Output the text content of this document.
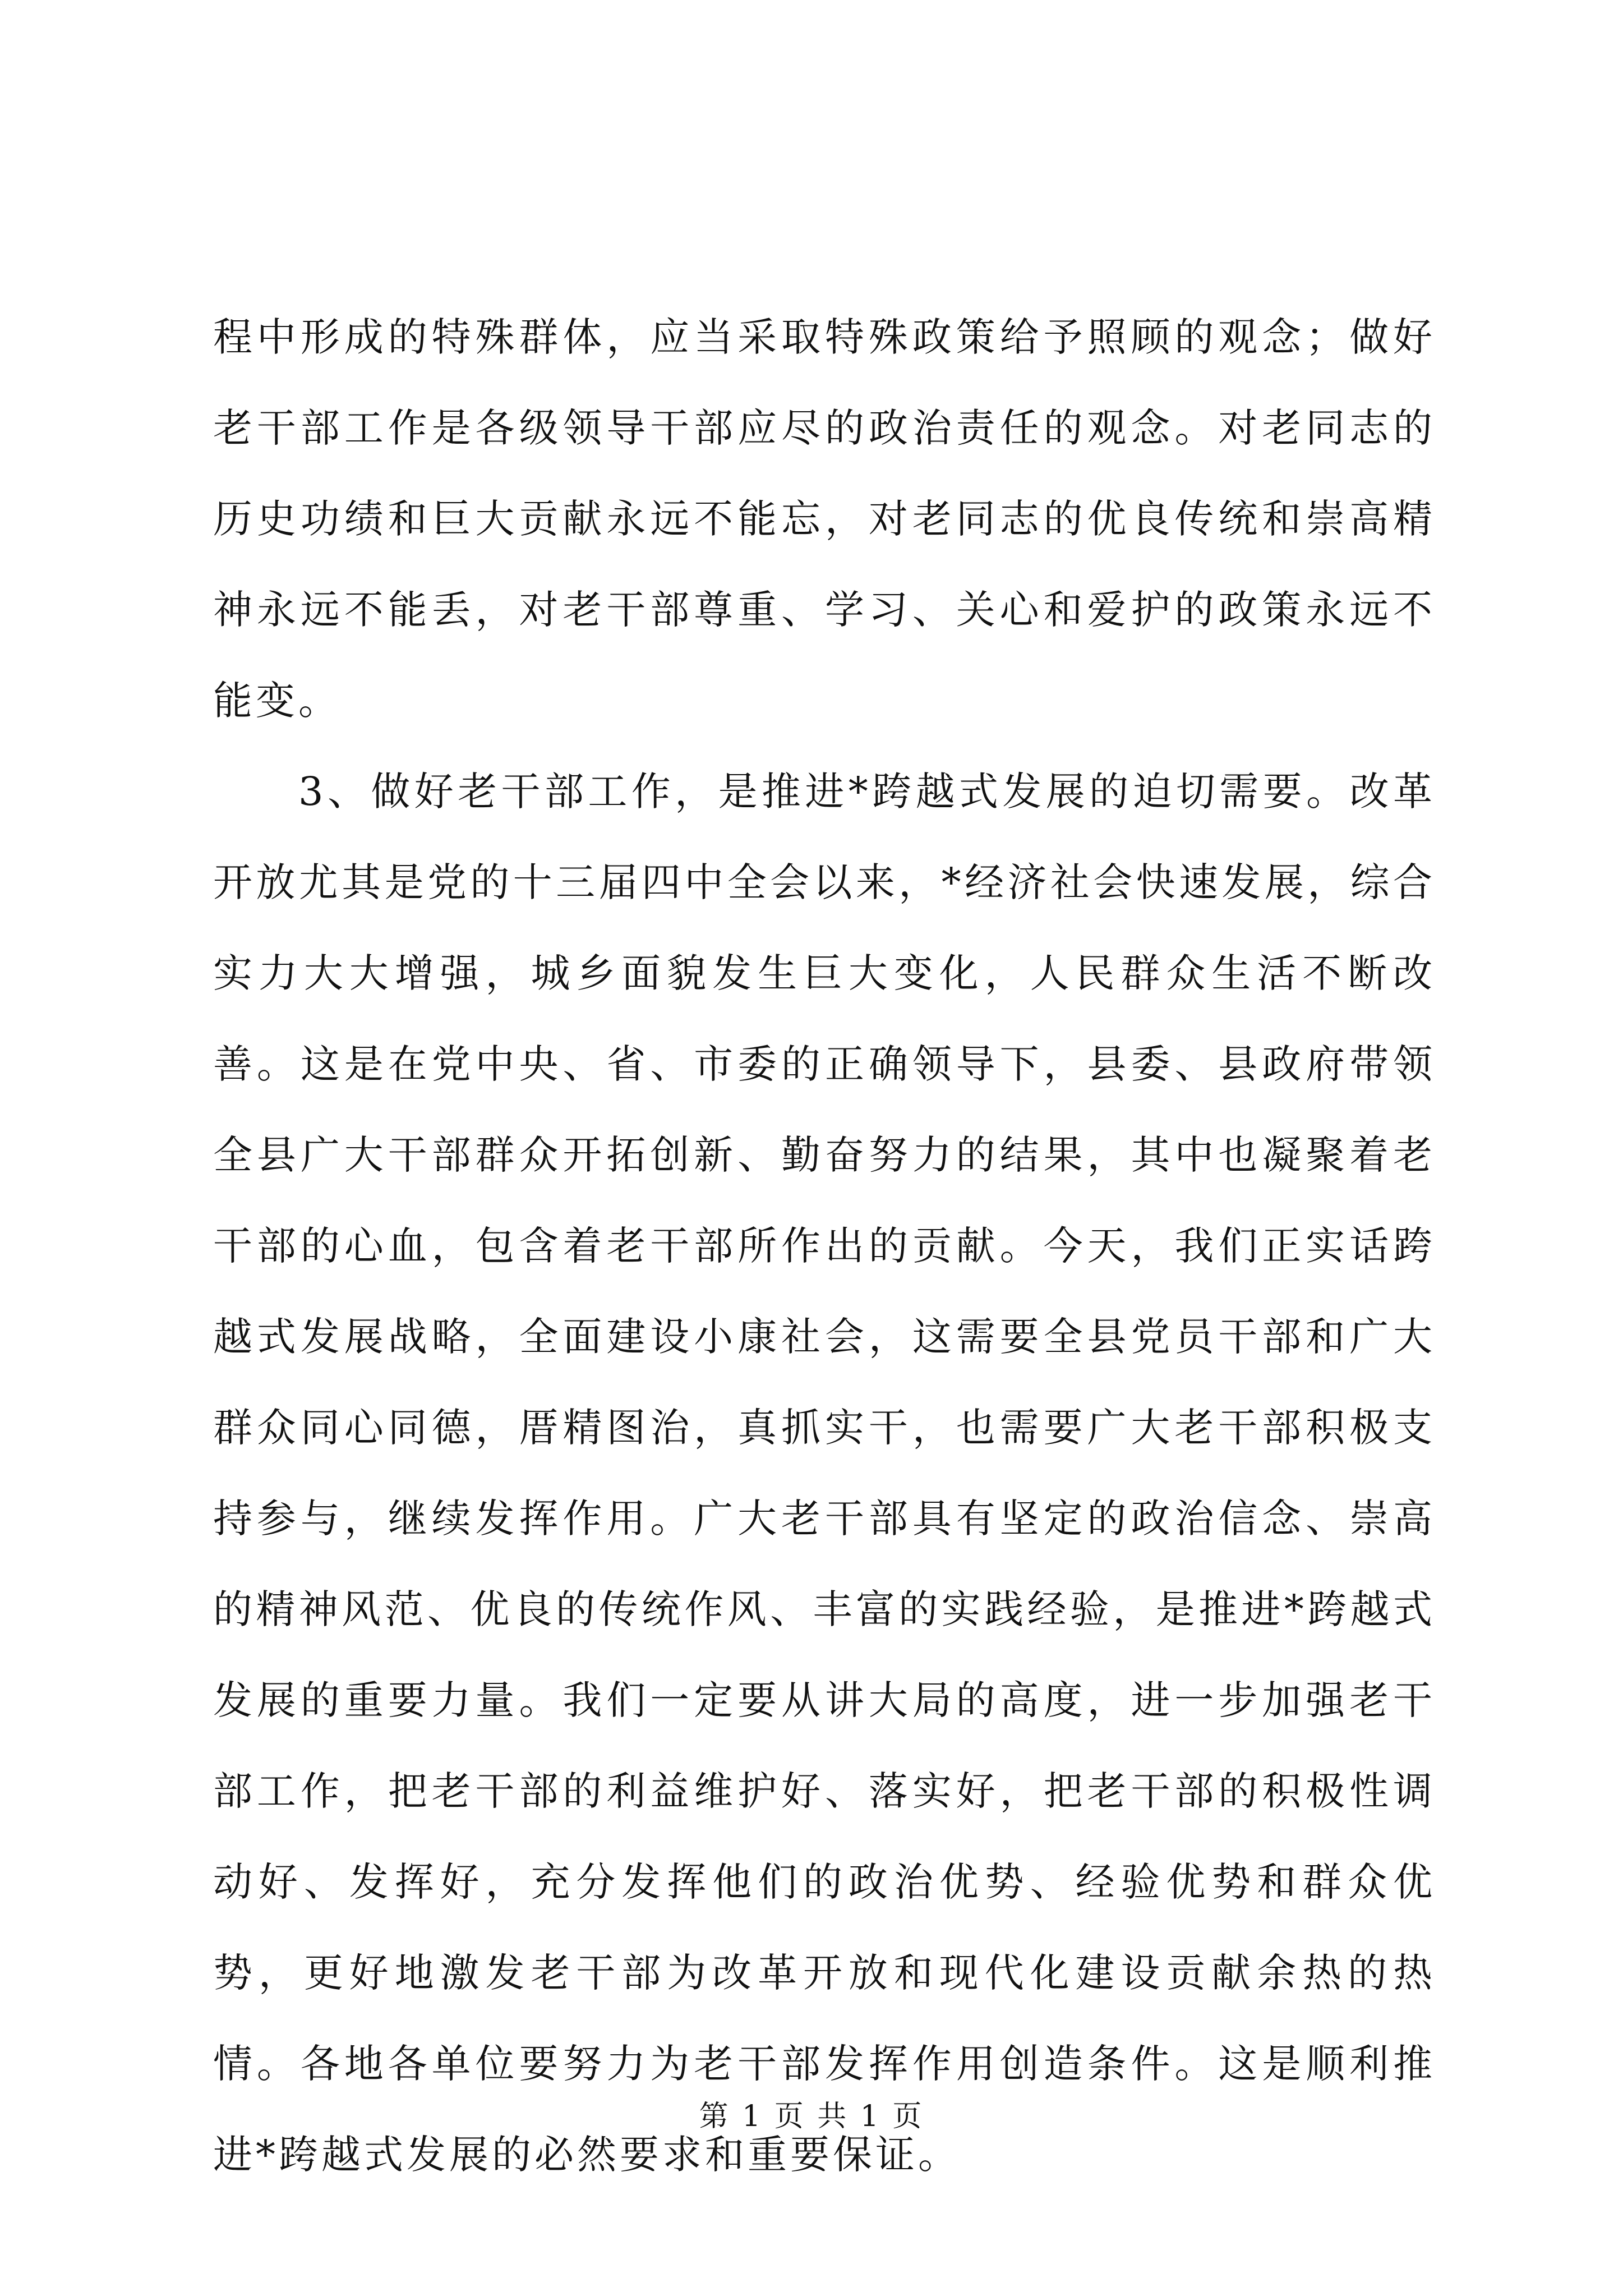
程中形成的特殊群体，应当采取特殊政策给予照顾的观念；做好老干部工作是各级领导干部应尽的政治责任的观念。对老同志的历史功绩和巨大贡献永远不能忘，对老同志的优良传统和崇高精神永远不能丢，对老干部尊重、学习、关心和爱护的政策永远不能变。

3、做好老干部工作，是推进*跨越式发展的迫切需要。改革开放尤其是党的十三届四中全会以来，*经济社会快速发展，综合实力大大增强，城乡面貌发生巨大变化，人民群众生活不断改善。这是在党中央、省、市委的正确领导下，县委、县政府带领全县广大干部群众开拓创新、勤奋努力的结果，其中也凝聚着老干部的心血，包含着老干部所作出的贡献。今天，我们正实话跨越式发展战略，全面建设小康社会，这需要全县党员干部和广大群众同心同德，厝精图治，真抓实干，也需要广大老干部积极支持参与，继续发挥作用。广大老干部具有坚定的政治信念、崇高的精神风范、优良的传统作风、丰富的实践经验，是推进*跨越式发展的重要力量。我们一定要从讲大局的高度，进一步加强老干部工作，把老干部的利益维护好、落实好，把老干部的积极性调动好、发挥好，充分发挥他们的政治优势、经验优势和群众优势，更好地激发老干部为改革开放和现代化建设贡献余热的热情。各地各单位要努力为老干部发挥作用创造条件。这是顺利推进*跨越式发展的必然要求和重要保证。

第 1 页 共 1 页
